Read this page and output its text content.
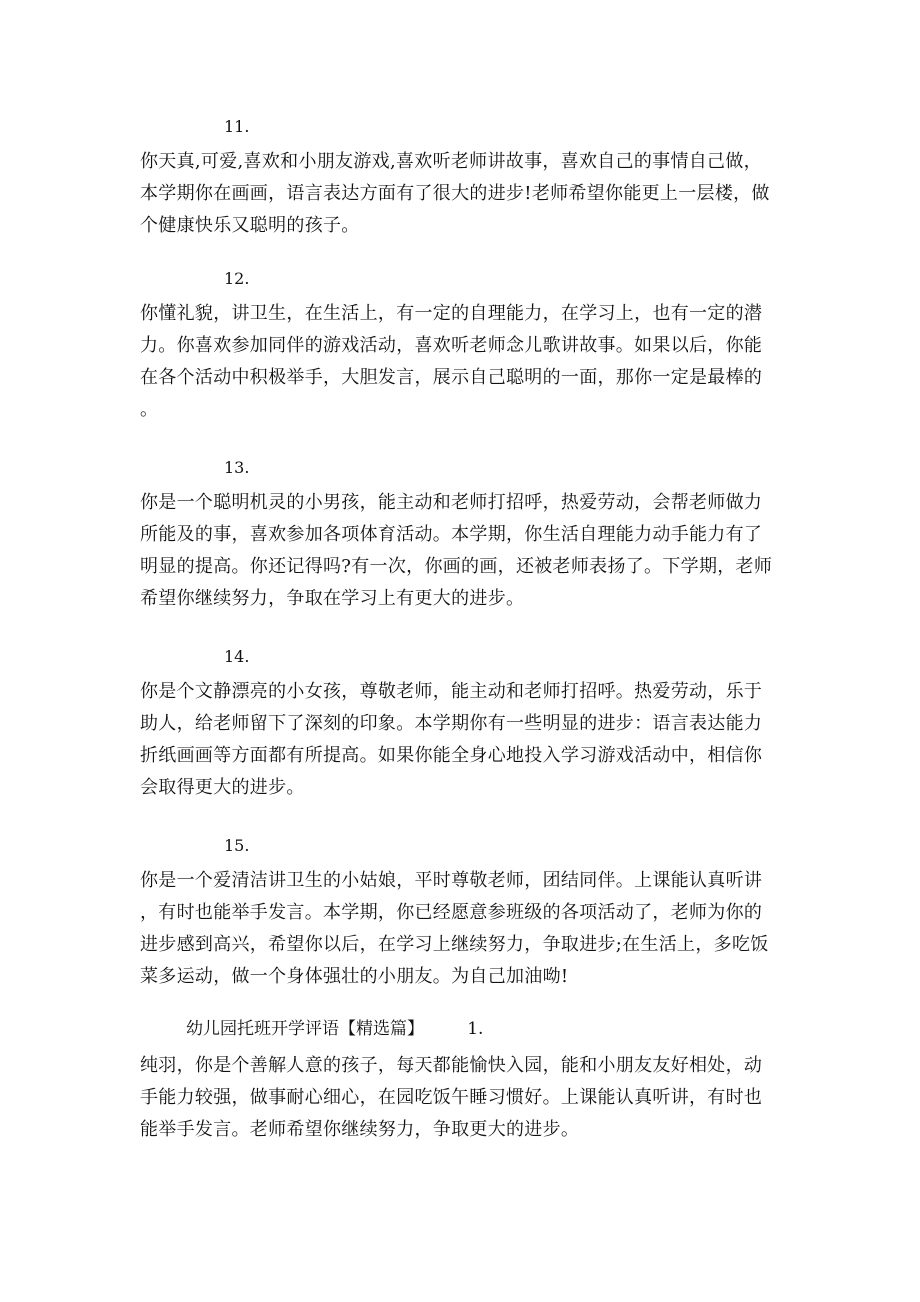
11.
你天真,可爱,喜欢和小朋友游戏,喜欢听老师讲故事，喜欢自己的事情自己做，
本学期你在画画，语言表达方面有了很大的进步!老师希望你能更上一层楼，做
个健康快乐又聪明的孩子。
12.
你懂礼貌，讲卫生，在生活上，有一定的自理能力，在学习上，也有一定的潜
力。你喜欢参加同伴的游戏活动，喜欢听老师念儿歌讲故事。如果以后，你能
在各个活动中积极举手，大胆发言，展示自己聪明的一面，那你一定是最棒的
。
13.
你是一个聪明机灵的小男孩，能主动和老师打招呼，热爱劳动，会帮老师做力
所能及的事，喜欢参加各项体育活动。本学期，你生活自理能力动手能力有了
明显的提高。你还记得吗?有一次，你画的画，还被老师表扬了。下学期，老师
希望你继续努力，争取在学习上有更大的进步。
14.
你是个文静漂亮的小女孩，尊敬老师，能主动和老师打招呼。热爱劳动，乐于
助人，给老师留下了深刻的印象。本学期你有一些明显的进步：语言表达能力
折纸画画等方面都有所提高。如果你能全身心地投入学习游戏活动中，相信你
会取得更大的进步。
15.
你是一个爱清洁讲卫生的小姑娘，平时尊敬老师，团结同伴。上课能认真听讲
，有时也能举手发言。本学期，你已经愿意参班级的各项活动了，老师为你的
进步感到高兴，希望你以后，在学习上继续努力，争取进步;在生活上，多吃饭
菜多运动，做一个身体强壮的小朋友。为自己加油呦!
幼儿园托班开学评语【精选篇】	1.
纯羽，你是个善解人意的孩子，每天都能愉快入园，能和小朋友友好相处，动
手能力较强，做事耐心细心，在园吃饭午睡习惯好。上课能认真听讲，有时也
能举手发言。老师希望你继续努力，争取更大的进步。
